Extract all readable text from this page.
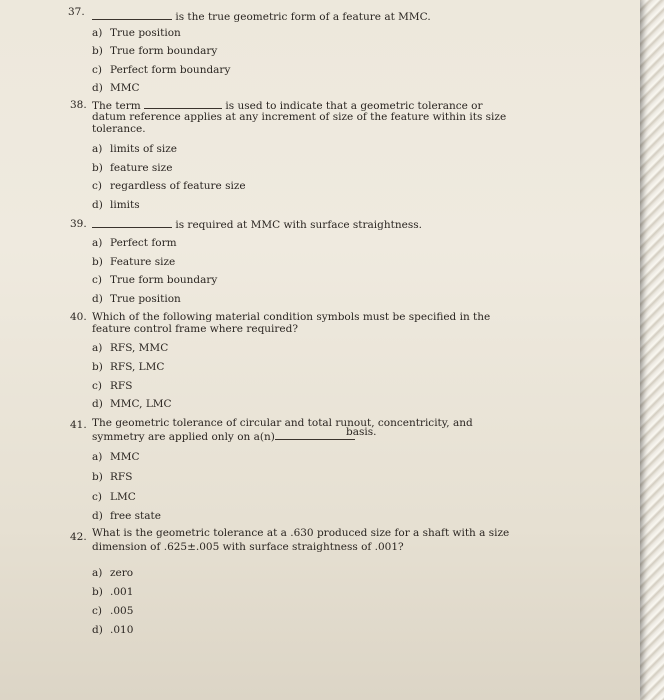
37.	is the true geometric form of a feature at MMC.
a) True position
b) True form boundary
c) Perfect form boundary
d) MMC
38. The term	is used to indicate that a geometric tolerance or
datum reference applies at any increment of size of the feature within its size
tolerance.
a) limits of size
b) feature size
c) regardless of feature size
d) limits
39.	is required at MMC with surface straightness.
a) Perfect form
b) Feature size
c) True form boundary
d) True position
40. Which of the following material condition symbols must be specified in the
feature control frame where required?
a) RFS, MMC
b) RFS, LMC
c) RFS
d) MMC, LMC
41. The geometric tolerance of circular and total runout, concentricity, and
symmetry are applied only on a(n)	basis.
a) MMC
b) RFS
c) LMC
d) free state
42. What is the geometric tolerance at a .630 produced size for a shaft with a size
dimension of .625±.005 with surface straightness of .001?
a) zero
b) .001
c) .005
d) .010
